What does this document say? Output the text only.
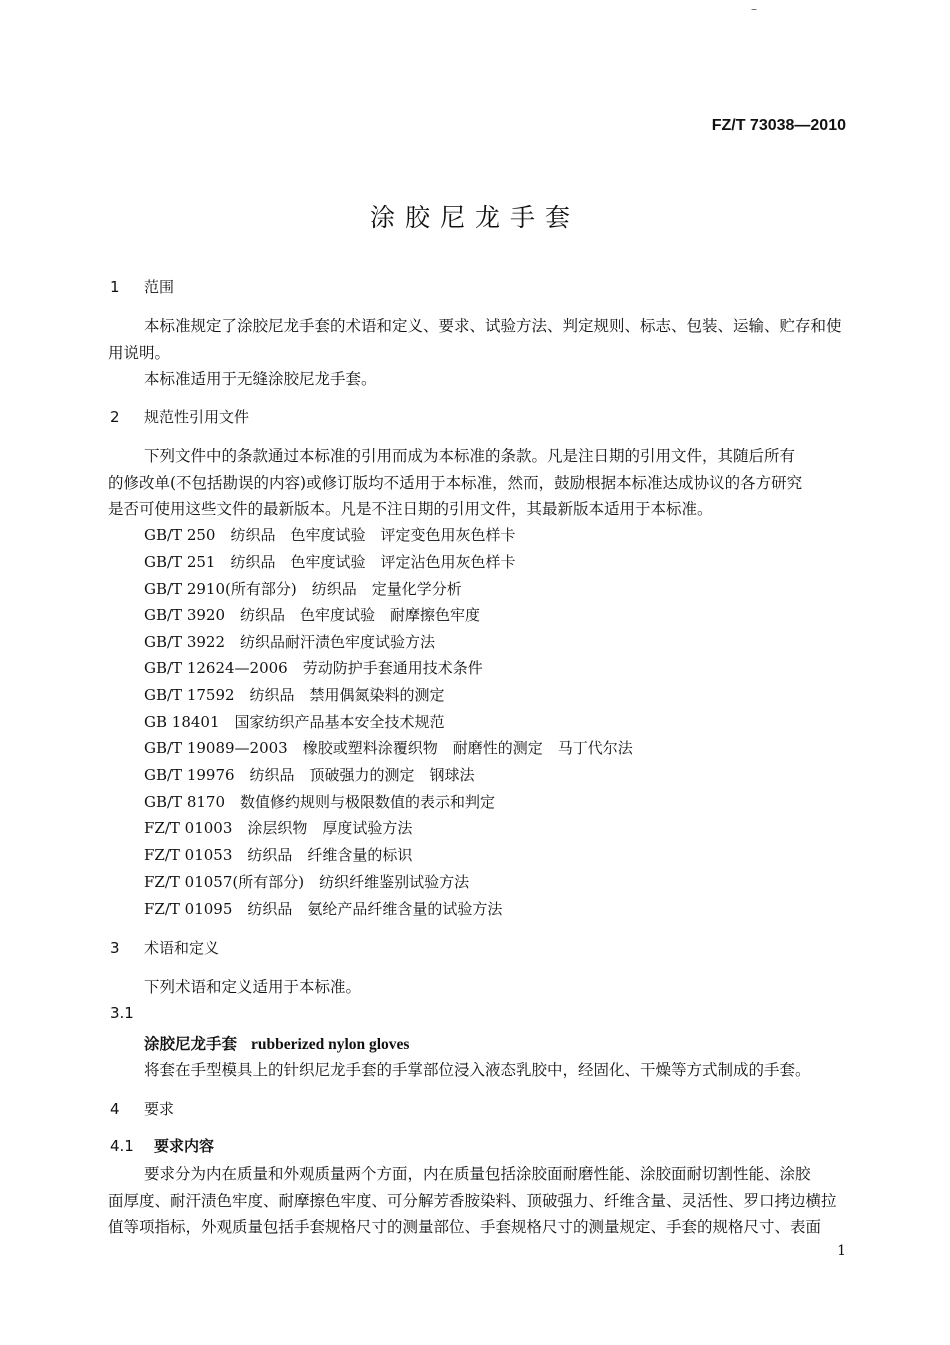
–
FZ/T 73038—2010
涂胶尼龙手套
1 范围
本标准规定了涂胶尼龙手套的术语和定义、要求、试验方法、判定规则、标志、包装、运输、贮存和使
用说明。
本标准适用于无缝涂胶尼龙手套。
2 规范性引用文件
下列文件中的条款通过本标准的引用而成为本标准的条款。凡是注日期的引用文件，其随后所有
的修改单(不包括勘误的内容)或修订版均不适用于本标准，然而，鼓励根据本标准达成协议的各方研究
是否可使用这些文件的最新版本。凡是不注日期的引用文件，其最新版本适用于本标准。
GB/T 250　纺织品　色牢度试验　评定变色用灰色样卡
GB/T 251　纺织品　色牢度试验　评定沾色用灰色样卡
GB/T 2910(所有部分)　纺织品　定量化学分析
GB/T 3920　纺织品　色牢度试验　耐摩擦色牢度
GB/T 3922　纺织品耐汗渍色牢度试验方法
GB/T 12624—2006　劳动防护手套通用技术条件
GB/T 17592　纺织品　禁用偶氮染料的测定
GB 18401　国家纺织产品基本安全技术规范
GB/T 19089—2003　橡胶或塑料涂覆织物　耐磨性的测定　马丁代尔法
GB/T 19976　纺织品　顶破强力的测定　钢球法
GB/T 8170　数值修约规则与极限数值的表示和判定
FZ/T 01003　涂层织物　厚度试验方法
FZ/T 01053　纺织品　纤维含量的标识
FZ/T 01057(所有部分)　纺织纤维鉴别试验方法
FZ/T 01095　纺织品　氨纶产品纤维含量的试验方法
3 术语和定义
下列术语和定义适用于本标准。
3.1
涂胶尼龙手套 rubberized nylon gloves
将套在手型模具上的针织尼龙手套的手掌部位浸入液态乳胶中，经固化、干燥等方式制成的手套。
4 要求
4.1 要求内容
要求分为内在质量和外观质量两个方面，内在质量包括涂胶面耐磨性能、涂胶面耐切割性能、涂胶
面厚度、耐汗渍色牢度、耐摩擦色牢度、可分解芳香胺染料、顶破强力、纤维含量、灵活性、罗口拷边横拉
值等项指标，外观质量包括手套规格尺寸的测量部位、手套规格尺寸的测量规定、手套的规格尺寸、表面
1
